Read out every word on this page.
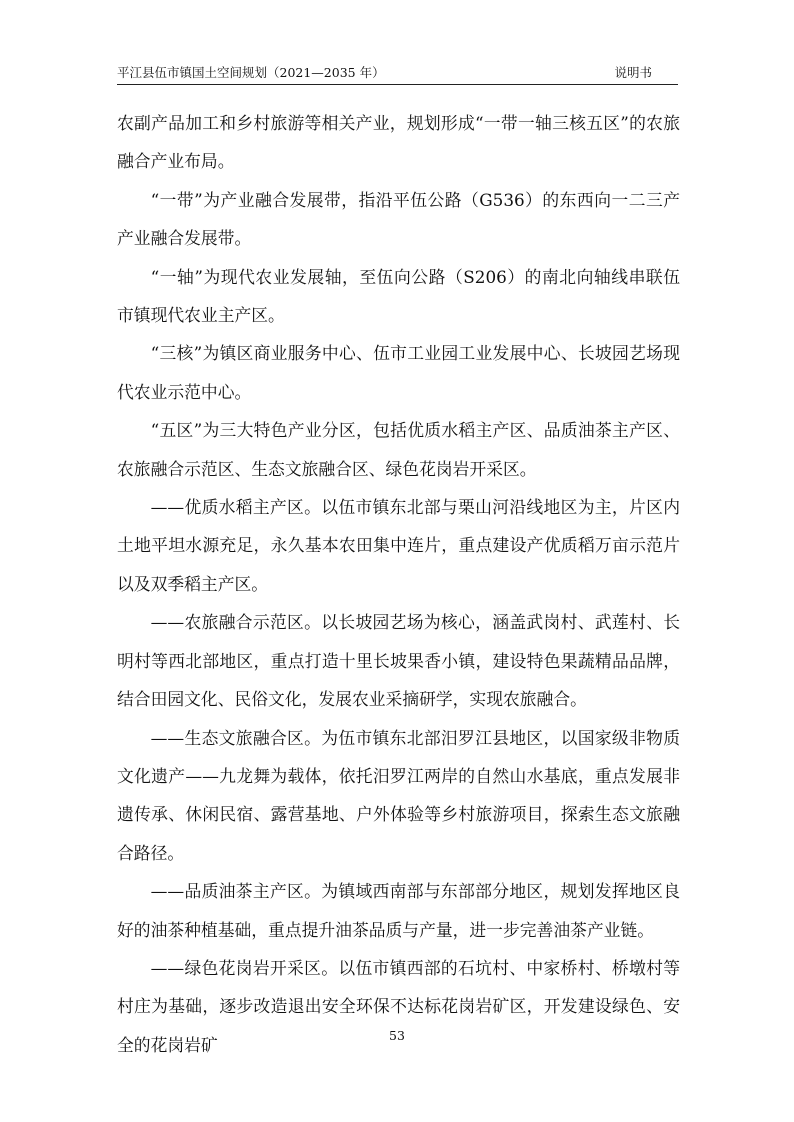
平江县伍市镇国土空间规划（2021—2035 年）	说明书

农副产品加工和乡村旅游等相关产业，规划形成“一带一轴三核五区”的农旅融合产业布局。

“一带”为产业融合发展带，指沿平伍公路（G536）的东西向一二三产产业融合发展带。

“一轴”为现代农业发展轴，至伍向公路（S206）的南北向轴线串联伍市镇现代农业主产区。

“三核”为镇区商业服务中心、伍市工业园工业发展中心、长坡园艺场现代农业示范中心。

“五区”为三大特色产业分区，包括优质水稻主产区、品质油茶主产区、农旅融合示范区、生态文旅融合区、绿色花岗岩开采区。

——优质水稻主产区。以伍市镇东北部与栗山河沿线地区为主，片区内土地平坦水源充足，永久基本农田集中连片，重点建设产优质稻万亩示范片以及双季稻主产区。

——农旅融合示范区。以长坡园艺场为核心，涵盖武岗村、武莲村、长明村等西北部地区，重点打造十里长坡果香小镇，建设特色果蔬精品品牌，结合田园文化、民俗文化，发展农业采摘研学，实现农旅融合。

——生态文旅融合区。为伍市镇东北部汨罗江县地区，以国家级非物质文化遗产——九龙舞为载体，依托汨罗江两岸的自然山水基底，重点发展非遗传承、休闲民宿、露营基地、户外体验等乡村旅游项目，探索生态文旅融合路径。

——品质油茶主产区。为镇域西南部与东部部分地区，规划发挥地区良好的油茶种植基础，重点提升油茶品质与产量，进一步完善油茶产业链。

——绿色花岗岩开采区。以伍市镇西部的石坑村、中家桥村、桥墩村等村庄为基础，逐步改造退出安全环保不达标花岗岩矿区，开发建设绿色、安全的花岗岩矿	53
